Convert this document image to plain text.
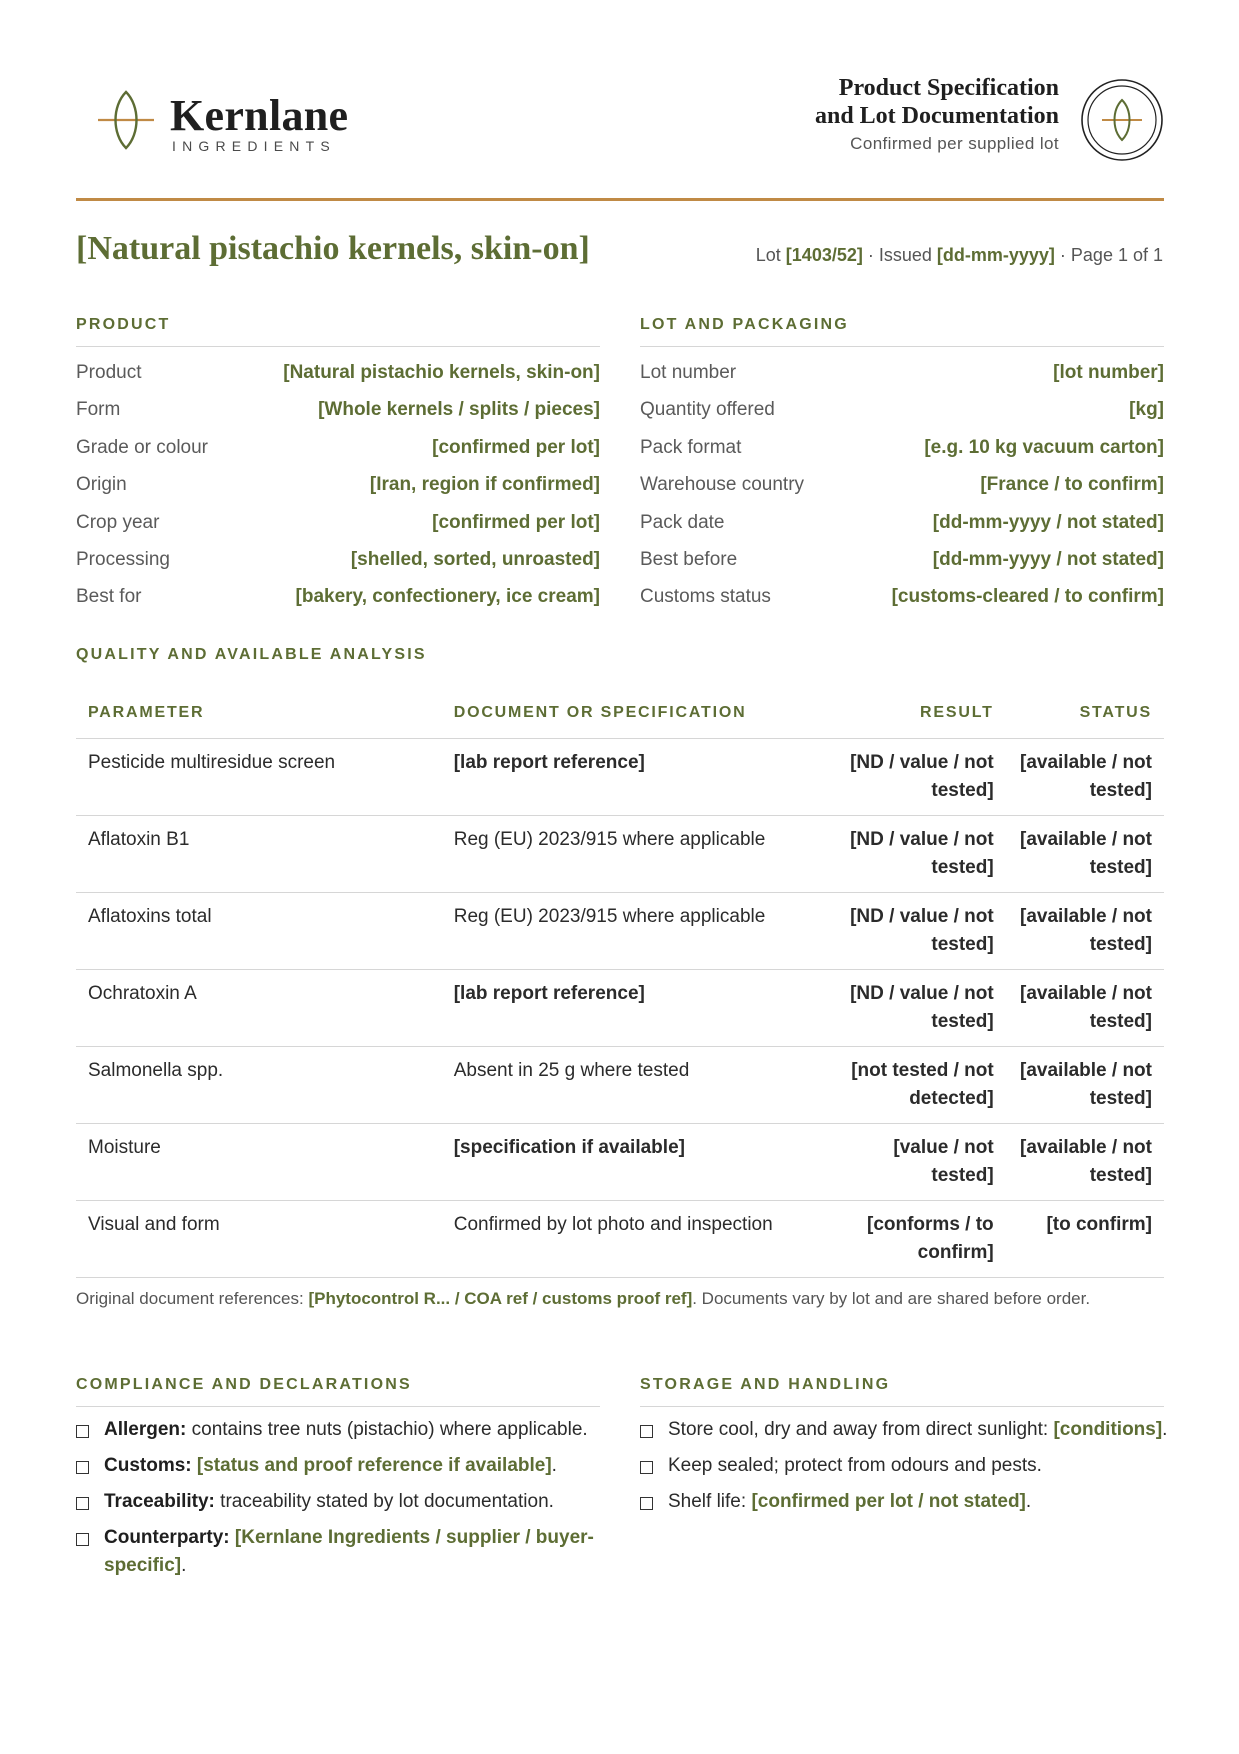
Kernlane
INGREDIENTS
Product Specification
and Lot Documentation
Confirmed per supplied lot
[Natural pistachio kernels, skin-on]	Lot [1403/52] · Issued [dd-mm-yyyy] · Page 1 of 1
PRODUCT
Product	[Natural pistachio kernels, skin-on]
Form	[Whole kernels / splits / pieces]
Grade or colour	[confirmed per lot]
Origin	[Iran, region if confirmed]
Crop year	[confirmed per lot]
Processing	[shelled, sorted, unroasted]
Best for	[bakery, confectionery, ice cream]
LOT AND PACKAGING
Lot number	[lot number]
Quantity offered	[kg]
Pack format	[e.g. 10 kg vacuum carton]
Warehouse country	[France / to confirm]
Pack date	[dd-mm-yyyy / not stated]
Best before	[dd-mm-yyyy / not stated]
Customs status	[customs-cleared / to confirm]
QUALITY AND AVAILABLE ANALYSIS
PARAMETER	DOCUMENT OR SPECIFICATION	RESULT	STATUS
Pesticide multiresidue screen	[lab report reference]	[ND / value / not tested]	[available / not tested]
Aflatoxin B1	Reg (EU) 2023/915 where applicable	[ND / value / not tested]	[available / not tested]
Aflatoxins total	Reg (EU) 2023/915 where applicable	[ND / value / not tested]	[available / not tested]
Ochratoxin A	[lab report reference]	[ND / value / not tested]	[available / not tested]
Salmonella spp.	Absent in 25 g where tested	[not tested / not detected]	[available / not tested]
Moisture	[specification if available]	[value / not tested]	[available / not tested]
Visual and form	Confirmed by lot photo and inspection	[conforms / to confirm]	[to confirm]
Original document references: [Phytocontrol R... / COA ref / customs proof ref]. Documents vary by lot and are shared before order.
COMPLIANCE AND DECLARATIONS
Allergen: contains tree nuts (pistachio) where applicable.
Customs: [status and proof reference if available].
Traceability: traceability stated by lot documentation.
Counterparty: [Kernlane Ingredients / supplier / buyer-specific].
STORAGE AND HANDLING
Store cool, dry and away from direct sunlight: [conditions].
Keep sealed; protect from odours and pests.
Shelf life: [confirmed per lot / not stated].
